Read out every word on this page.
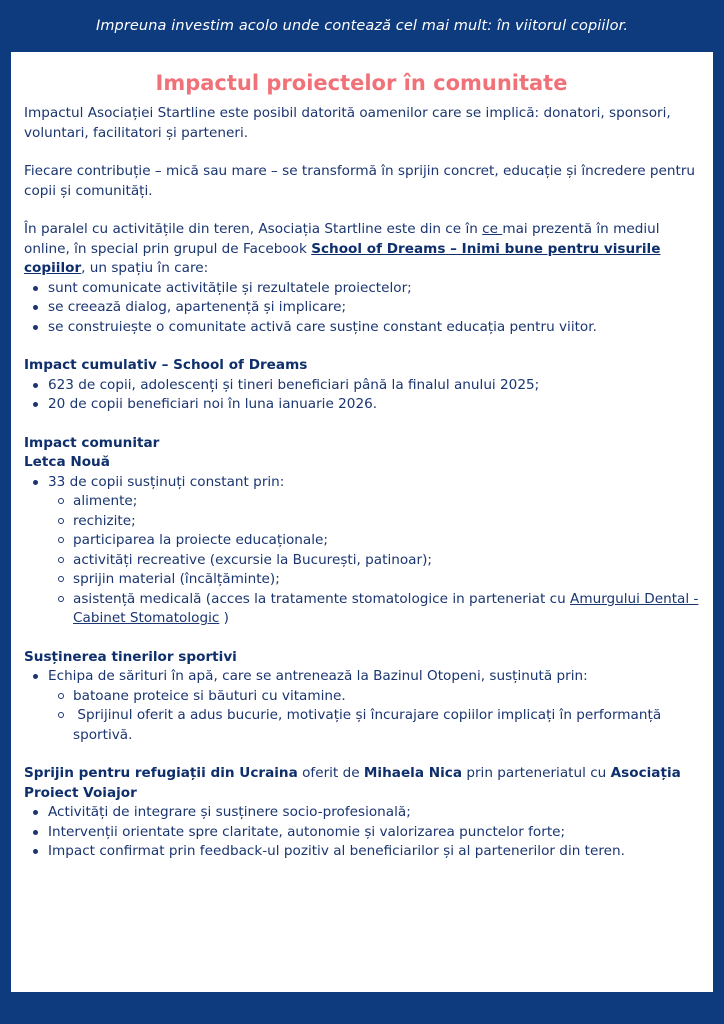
Impreuna investim acolo unde contează cel mai mult: în viitorul copiilor.
Impactul proiectelor în comunitate

Impactul Asociației Startline este posibil datorită oamenilor care se implică: donatori, sponsori, voluntari, facilitatori și parteneri.

Fiecare contribuție – mică sau mare – se transformă în sprijin concret, educație și încredere pentru copii și comunități.

În paralel cu activitățile din teren, Asociația Startline este din ce în ce mai prezentă în mediul online, în special prin grupul de Facebook School of Dreams – Inimi bune pentru visurile copiilor, un spațiu în care:

sunt comunicate activitățile și rezultatele proiectelor;
se creează dialog, apartenență și implicare;
se construiește o comunitate activă care susține constant educația pentru viitor.

Impact cumulativ – School of Dreams

623 de copii, adolescenți și tineri beneficiari până la finalul anului 2025;
20 de copii beneficiari noi în luna ianuarie 2026.

Impact comunitar

Letca Nouă

33 de copii susținuți constant prin:
alimente;
rechizite;
participarea la proiecte educaționale;
activități recreative (excursie la București, patinoar);
sprijin material (încălțăminte);
asistență medicală (acces la tratamente stomatologice in parteneriat cu Amurgului Dental - Cabinet Stomatologic )

Susținerea tinerilor sportivi

Echipa de sărituri în apă, care se antrenează la Bazinul Otopeni, susținută prin:
batoane proteice si băuturi cu vitamine.
Sprijinul oferit a adus bucurie, motivație și încurajare copiilor implicați în performanță sportivă.

Sprijin pentru refugiații din Ucraina oferit de Mihaela Nica prin parteneriatul cu Asociația Proiect Voiajor

Activități de integrare și susținere socio-profesională;
Intervenții orientate spre claritate, autonomie și valorizarea punctelor forte;
Impact confirmat prin feedback-ul pozitiv al beneficiarilor și al partenerilor din teren.
